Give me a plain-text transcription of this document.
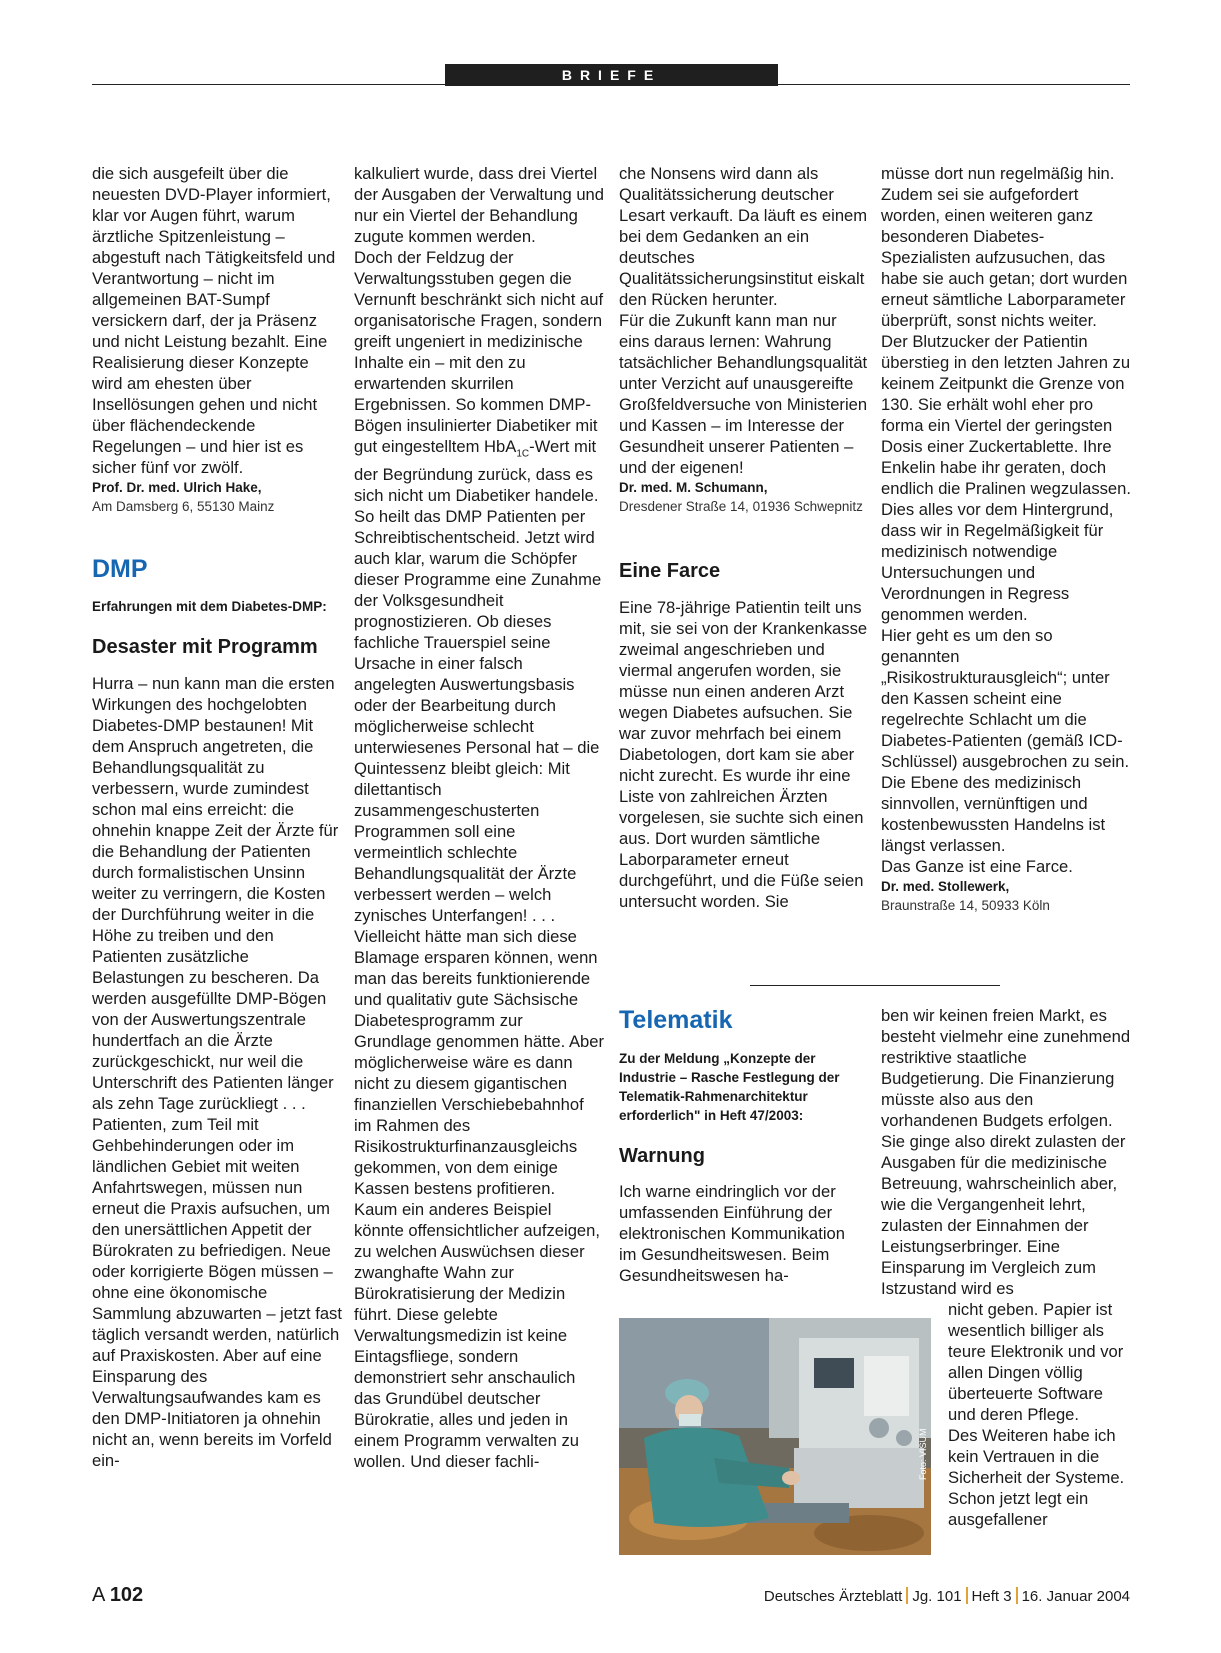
BRIEFE

die sich ausgefeilt über die neuesten DVD-Player informiert, klar vor Augen führt, warum ärztliche Spitzenleistung – abgestuft nach Tätigkeitsfeld und Verantwortung – nicht im allgemeinen BAT-Sumpf versickern darf, der ja Präsenz und nicht Leistung bezahlt. Eine Realisierung dieser Konzepte wird am ehesten über Insellösungen gehen und nicht über flächendeckende Regelungen – und hier ist es sicher fünf vor zwölf.

Prof. Dr. med. Ulrich Hake,

Am Damsberg 6, 55130 Mainz

DMP

Erfahrungen mit dem Diabetes-DMP:

Desaster mit Programm

Hurra – nun kann man die ersten Wirkungen des hochgelobten Diabetes-DMP bestaunen! Mit dem Anspruch angetreten, die Behandlungsqualität zu verbessern, wurde zumindest schon mal eins erreicht: die ohnehin knappe Zeit der Ärzte für die Behandlung der Patienten durch formalistischen Unsinn weiter zu verringern, die Kosten der Durchführung weiter in die Höhe zu treiben und den Patienten zusätzliche Belastungen zu bescheren. Da werden ausgefüllte DMP-Bögen von der Auswertungszentrale hundertfach an die Ärzte zurückgeschickt, nur weil die Unterschrift des Patienten länger als zehn Tage zurückliegt . . . Patienten, zum Teil mit Gehbehinderungen oder im ländlichen Gebiet mit weiten Anfahrtswegen, müssen nun erneut die Praxis aufsuchen, um den unersättlichen Appetit der Bürokraten zu befriedigen. Neue oder korrigierte Bögen müssen – ohne eine ökonomische Sammlung abzuwarten – jetzt fast täglich versandt werden, natürlich auf Praxiskosten. Aber auf eine Einsparung des Verwaltungsaufwandes kam es den DMP-Initiatoren ja ohnehin nicht an, wenn bereits im Vorfeld ein-

kalkuliert wurde, dass drei Viertel der Ausgaben der Verwaltung und nur ein Viertel der Behandlung zugute kommen werden.

Doch der Feldzug der Verwaltungsstuben gegen die Vernunft beschränkt sich nicht auf organisatorische Fragen, sondern greift ungeniert in medizinische Inhalte ein – mit den zu erwartenden skurrilen Ergebnissen. So kommen DMP-Bögen insulinierter Diabetiker mit gut eingestelltem HbA$_{1C}$-Wert mit der Begründung zurück, dass es sich nicht um Diabetiker handele. So heilt das DMP Patienten per Schreibtischentscheid. Jetzt wird auch klar, warum die Schöpfer dieser Programme eine Zunahme der Volksgesundheit prognostizieren. Ob dieses fachliche Trauerspiel seine Ursache in einer falsch angelegten Auswertungsbasis oder der Bearbeitung durch möglicherweise schlecht unterwiesenes Personal hat – die Quintessenz bleibt gleich: Mit dilettantisch zusammengeschusterten Programmen soll eine vermeintlich schlechte Behandlungsqualität der Ärzte verbessert werden – welch zynisches Unterfangen! . . .

Vielleicht hätte man sich diese Blamage ersparen können, wenn man das bereits funktionierende und qualitativ gute Sächsische Diabetesprogramm zur Grundlage genommen hätte. Aber möglicherweise wäre es dann nicht zu diesem gigantischen finanziellen Verschiebebahnhof im Rahmen des Risikostrukturfinanzausgleichs gekommen, von dem einige Kassen bestens profitieren.

Kaum ein anderes Beispiel könnte offensichtlicher aufzeigen, zu welchen Auswüchsen dieser zwanghafte Wahn zur Bürokratisierung der Medizin führt. Diese gelebte Verwaltungsmedizin ist keine Eintagsfliege, sondern demonstriert sehr anschaulich das Grundübel deutscher Bürokratie, alles und jeden in einem Programm verwalten zu wollen. Und dieser fachli-

che Nonsens wird dann als Qualitätssicherung deutscher Lesart verkauft. Da läuft es einem bei dem Gedanken an ein deutsches Qualitätssicherungsinstitut eiskalt den Rücken herunter.

Für die Zukunft kann man nur eins daraus lernen: Wahrung tatsächlicher Behandlungsqualität unter Verzicht auf unausgereifte Großfeldversuche von Ministerien und Kassen – im Interesse der Gesundheit unserer Patienten – und der eigenen!

Dr. med. M. Schumann,

Dresdener Straße 14, 01936 Schwepnitz

Eine Farce

Eine 78-jährige Patientin teilt uns mit, sie sei von der Krankenkasse zweimal angeschrieben und viermal angerufen worden, sie müsse nun einen anderen Arzt wegen Diabetes aufsuchen. Sie war zuvor mehrfach bei einem Diabetologen, dort kam sie aber nicht zurecht. Es wurde ihr eine Liste von zahlreichen Ärzten vorgelesen, sie suchte sich einen aus. Dort wurden sämtliche Laborparameter erneut durchgeführt, und die Füße seien untersucht worden. Sie

müsse dort nun regelmäßig hin. Zudem sei sie aufgefordert worden, einen weiteren ganz besonderen Diabetes-Spezialisten aufzusuchen, das habe sie auch getan; dort wurden erneut sämtliche Laborparameter überprüft, sonst nichts weiter.

Der Blutzucker der Patientin überstieg in den letzten Jahren zu keinem Zeitpunkt die Grenze von 130. Sie erhält wohl eher pro forma ein Viertel der geringsten Dosis einer Zuckertablette. Ihre Enkelin habe ihr geraten, doch endlich die Pralinen wegzulassen.

Dies alles vor dem Hintergrund, dass wir in Regelmäßigkeit für medizinisch notwendige Untersuchungen und Verordnungen in Regress genommen werden.

Hier geht es um den so genannten „Risikostrukturausgleich“; unter den Kassen scheint eine regelrechte Schlacht um die Diabetes-Patienten (gemäß ICD-Schlüssel) ausgebrochen zu sein.

Die Ebene des medizinisch sinnvollen, vernünftigen und kostenbewussten Handelns ist längst verlassen.

Das Ganze ist eine Farce.

Dr. med. Stollewerk,

Braunstraße 14, 50933 Köln

Telematik

Zu der Meldung „Konzepte der Industrie – Rasche Festlegung der Telematik-Rahmenarchitektur erforderlich" in Heft 47/2003:

Warnung

Ich warne eindringlich vor der umfassenden Einführung der elektronischen Kommunikation im Gesundheitswesen. Beim Gesundheitswesen ha-

ben wir keinen freien Markt, es besteht vielmehr eine zunehmend restriktive staatliche Budgetierung. Die Finanzierung müsste also aus den vorhandenen Budgets erfolgen. Sie ginge also direkt zulasten der Ausgaben für die medizinische Betreuung, wahrscheinlich aber, wie die Vergangenheit lehrt, zulasten der Einnahmen der Leistungserbringer. Eine Einsparung im Vergleich zum Istzustand wird es

nicht geben. Papier ist wesentlich billiger als teure Elektronik und vor allen Dingen völlig überteuerte Software und deren Pflege.

Des Weiteren habe ich kein Vertrauen in die Sicherheit der Systeme. Schon jetzt legt ein ausgefallener

Foto: VISUM
A 102	Deutsches Ärzteblatt Jg. 101 Heft 3 16. Januar 2004
